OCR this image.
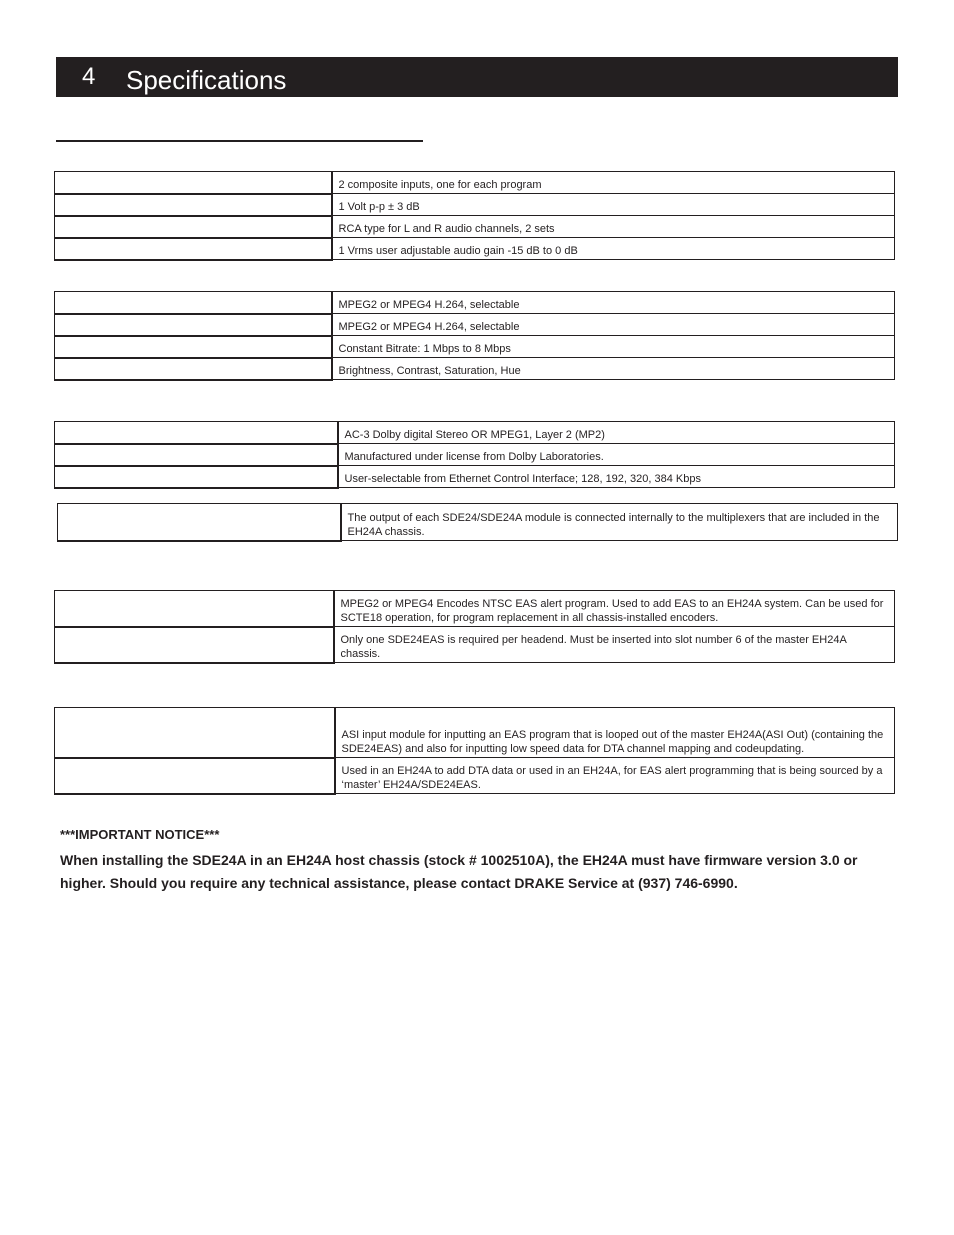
4 Specifications
	2 composite inputs, one for each program
	1 Volt p-p ± 3 dB
	RCA type for L and R audio channels, 2 sets
	1 Vrms user adjustable audio gain -15 dB to 0 dB
	MPEG2 or MPEG4 H.264, selectable
	MPEG2 or MPEG4 H.264, selectable
	Constant Bitrate: 1 Mbps to 8 Mbps
	Brightness, Contrast, Saturation, Hue
	AC-3 Dolby digital Stereo OR MPEG1, Layer 2 (MP2)
	Manufactured under license from Dolby Laboratories.
	User-selectable from Ethernet Control Interface; 128, 192, 320, 384 Kbps
	The output of each SDE24/SDE24A module is connected internally to the multiplexers that are included in the EH24A chassis.
	MPEG2 or MPEG4 Encodes NTSC EAS alert program. Used to add EAS to an EH24A system. Can be used for SCTE18 operation, for program replacement in all chassis-installed encoders.
	Only one SDE24EAS is required per headend. Must be inserted into slot number 6 of the master EH24A chassis.
	ASI input module for inputting an EAS program that is looped out of the master EH24A(ASI Out) (containing the SDE24EAS) and also for inputting low speed data for DTA channel mapping and codeupdating.
	Used in an EH24A to add DTA data or used in an EH24A, for EAS alert programming that is being sourced by a ‘master’ EH24A/SDE24EAS.
***IMPORTANT NOTICE***
When installing the SDE24A in an EH24A host chassis (stock # 1002510A), the EH24A must have firmware version 3.0 or higher. Should you require any technical assistance, please contact DRAKE Service at (937) 746-6990.
